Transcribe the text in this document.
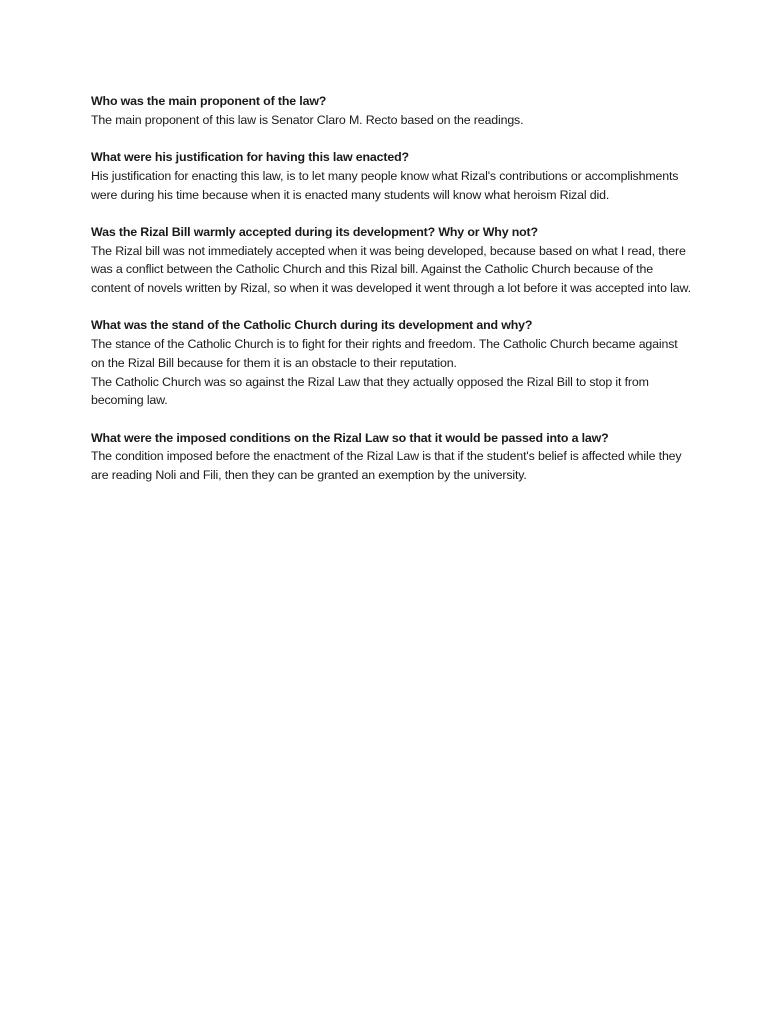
Who was the main proponent of the law?

The main proponent of this law is Senator Claro M. Recto based on the readings.

What were his justification for having this law enacted?

His justification for enacting this law, is to let many people know what Rizal's contributions or accomplishments were during his time because when it is enacted many students will know what heroism Rizal did.

Was the Rizal Bill warmly accepted during its development? Why or Why not?

The Rizal bill was not immediately accepted when it was being developed, because based on what I read, there was a conflict between the Catholic Church and this Rizal bill. Against the Catholic Church because of the content of novels written by Rizal, so when it was developed it went through a lot before it was accepted into law.

What was the stand of the Catholic Church during its development and why?

The stance of the Catholic Church is to fight for their rights and freedom. The Catholic Church became against on the Rizal Bill because for them it is an obstacle to their reputation.

The Catholic Church was so against the Rizal Law that they actually opposed the Rizal Bill to stop it from becoming law.

What were the imposed conditions on the Rizal Law so that it would be passed into a law?

The condition imposed before the enactment of the Rizal Law is that if the student's belief is affected while they are reading Noli and Fili, then they can be granted an exemption by the university.
